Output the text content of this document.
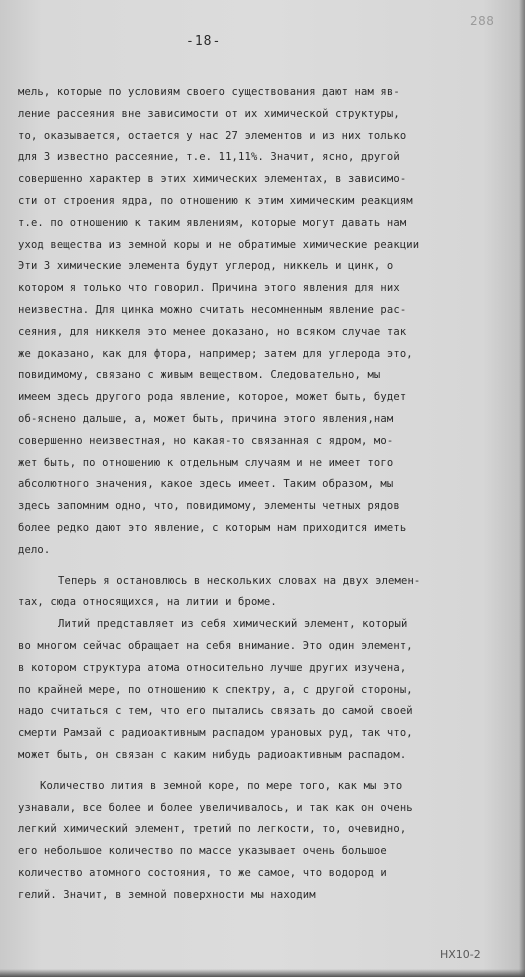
288
-18-
мель, которые по условиям своего существования дают нам яв-
ление рассеяния вне зависимости от их химической структуры,
то, оказывается, остается у нас 27 элементов и из них только
для 3 известно рассеяние, т.е. 11,11%. Значит, ясно, другой
совершенно характер в этих химических элементах, в зависимо-
сти от строения ядра, по отношению к этим химическим реакциям
т.е. по отношению к таким явлениям, которые могут давать нам
уход вещества из земной коры и не обратимые химические реакции
Эти 3 химические элемента будут углерод, никкель и цинк, о
котором я только что говорил. Причина этого явления для них
неизвестна. Для цинка можно считать несомненным явление рас-
сеяния, для никкеля это менее доказано, но всяком случае так
же доказано, как для фтора, например; затем для углерода это,
повидимому, связано с живым веществом. Следовательно, мы
имеем здесь другого рода явление, которое, может быть, будет
об-яснено дальше, а, может быть, причина этого явления,нам
совершенно неизвестная, но какая-то связанная с ядром, мо-
жет быть, по отношению к отдельным случаям и не имеет того
абсолютного значения, какое здесь имеет. Таким образом, мы
здесь запомним одно, что, повидимому, элементы четных рядов
более редко дают это явление, с которым нам приходится иметь
дело.
Теперь я остановлюсь в нескольких словах на двух элемен-
тах, сюда относящихся, на литии и броме.
Литий представляет из себя химический элемент, который
во многом сейчас обращает на себя внимание. Это один элемент,
в котором структура атома относительно лучше других изучена,
по крайней мере, по отношению к спектру, а, с другой стороны,
надо считаться с тем, что его пытались связать до самой своей
смерти Рамзай с радиоактивным распадом урановых руд, так что,
может быть, он связан с каким нибудь радиоактивным распадом.
Количество лития в земной коре, по мере того, как мы это
узнавали, все более и более увеличивалось, и так как он очень
легкий химический элемент, третий по легкости, то, очевидно,
его небольшое количество по массе указывает очень большое
количество атомного состояния, то же самое, что водород и
гелий. Значит, в земной поверхности мы находим
НХ10-2
